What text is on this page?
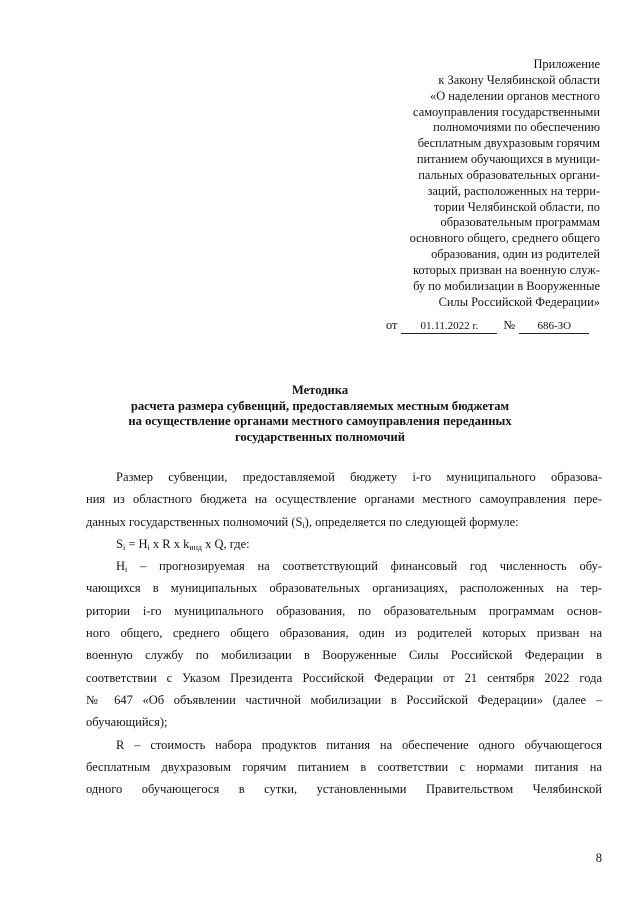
Приложение
к Закону Челябинской области
«О наделении органов местного
самоуправления государственными
полномочиями по обеспечению
бесплатным двухразовым горячим
питанием обучающихся в муници-
пальных образовательных органи-
заций, расположенных на терри-
тории Челябинской области, по
образовательным программам
основного общего, среднего общего
образования, один из родителей
которых призван на военную служ-
бу по мобилизации в Вооруженные
Силы Российской Федерации»
от 01.11.2022 г. № 686-ЗО
Методика
расчета размера субвенций, предоставляемых местным бюджетам
на осуществление органами местного самоуправления переданных
государственных полномочий
Размер субвенции, предоставляемой бюджету i-го муниципального образова-
ния из областного бюджета на осуществление органами местного самоуправления пере-
данных государственных полномочий $(S_i)$, определяется по следующей формуле:
$S_i = H_i$ x R x $k_{инд}$ x Q, где:
$H_i$ – прогнозируемая на соответствующий финансовый год численность обу-
чающихся в муниципальных образовательных организациях, расположенных на тер-
ритории i-го муниципального образования, по образовательным программам основ-
ного общего, среднего общего образования, один из родителей которых призван на
военную службу по мобилизации в Вооруженные Силы Российской Федерации в
соответствии с Указом Президента Российской Федерации от 21 сентября 2022 года
№ 647 «Об объявлении частичной мобилизации в Российской Федерации» (далее –
обучающийся);
R – стоимость набора продуктов питания на обеспечение одного обучающегося
бесплатным двухразовым горячим питанием в соответствии с нормами питания на
одного обучающегося в сутки, установленными Правительством Челябинской
8
